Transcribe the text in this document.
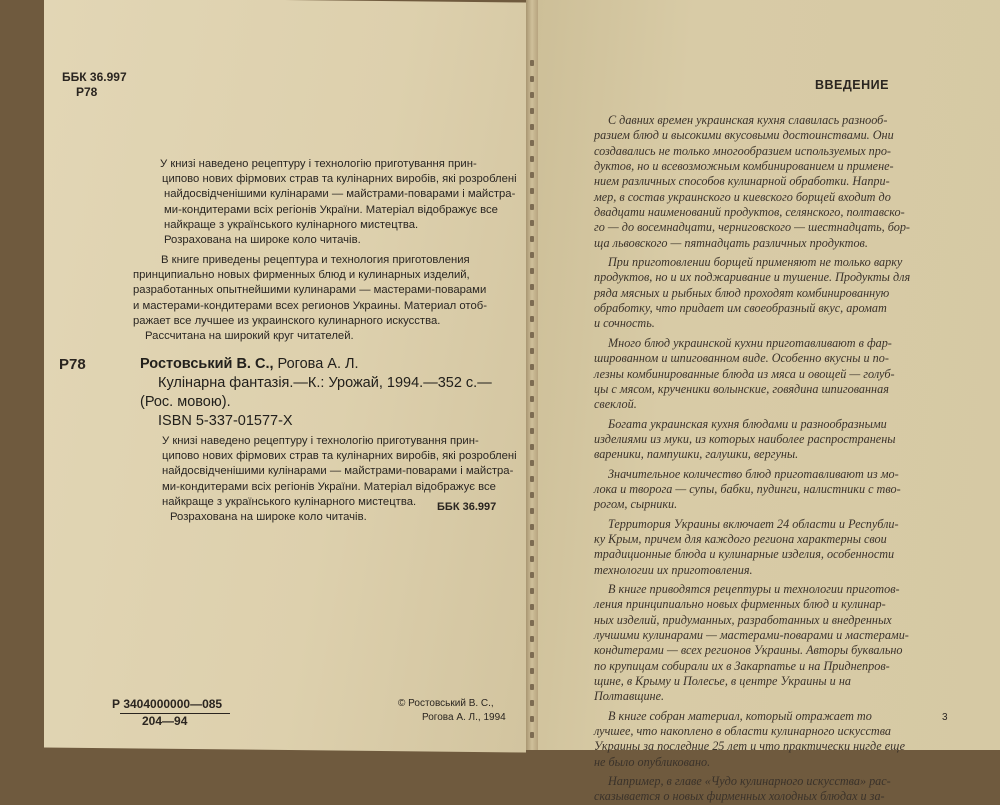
ББК 36.997
Р78
У книзі наведено рецептуру і технологію приготування прин-
ципово нових фірмових страв та кулінарних виробів, які розроблені
найдосвідченішими кулінарами — майстрами-поварами і майстра-
ми-кондитерами всіх регіонів України. Матеріал відображує все
найкраще з українського кулінарного мистецтва.
Розрахована на широке коло читачів.
В книге приведены рецептура и технология приготовления
принципиально новых фирменных блюд и кулинарных изделий,
разработанных опытнейшими кулинарами — мастерами-поварами
и мастерами-кондитерами всех регионов Украины. Материал отоб-
ражает все лучшее из украинского кулинарного искусства.
Рассчитана на широкий круг читателей.
Р78	Ростовський В. С., Рогова А. Л.
Кулінарна фантазія.—К.: Урожай, 1994.—352 с.—
(Рос. мовою).
ISBN 5-337-01577-X
У книзі наведено рецептуру і технологію приготування прин-
ципово нових фірмових страв та кулінарних виробів, які розроблені
найдосвідченішими кулінарами — майстрами-поварами і майстра-
ми-кондитерами всіх регіонів України. Матеріал відображує все
найкраще з українського кулінарного мистецтва.
Розрахована на широке коло читачів.
ББК 36.997
Р 3404000000—085
204—94
© Ростовський В. С.,
Рогова А. Л., 1994
ВВЕДЕНИЕ
С давних времен украинская кухня славилась разнооб-
разием блюд и высокими вкусовыми достоинствами. Они
создавались не только многообразием используемых про-
дуктов, но и всевозможным комбинированием и примене-
нием различных способов кулинарной обработки. Напри-
мер, в состав украинского и киевского борщей входит до
двадцати наименований продуктов, селянского, полтавско-
го — до восемнадцати, черниговского — шестнадцать, бор-
ща львовского — пятнадцать различных продуктов.
При приготовлении борщей применяют не только варку
продуктов, но и их поджаривание и тушение. Продукты для
ряда мясных и рыбных блюд проходят комбинированную
обработку, что придает им своеобразный вкус, аромат
и сочность.
Много блюд украинской кухни приготавливают в фар-
шированном и шпигованном виде. Особенно вкусны и по-
лезны комбинированные блюда из мяса и овощей — голуб-
цы с мясом, крученики волынские, говядина шпигованная
свеклой.
Богата украинская кухня блюдами и разнообразными
изделиями из муки, из которых наиболее распространены
вареники, пампушки, галушки, вергуны.
Значительное количество блюд приготавливают из мо-
лока и творога — супы, бабки, пудинги, налистники с тво-
рогом, сырники.
Территория Украины включает 24 области и Республи-
ку Крым, причем для каждого региона характерны свои
традиционные блюда и кулинарные изделия, особенности
технологии их приготовления.
В книге приводятся рецептуры и технологии приготов-
ления принципиально новых фирменных блюд и кулинар-
ных изделий, придуманных, разработанных и внедренных
лучшими кулинарами — мастерами-поварами и мастерами-
кондитерами — всех регионов Украины. Авторы буквально
по крупицам собирали их в Закарпатье и на Приднепров-
щине, в Крыму и Полесье, в центре Украины и на
Полтавщине.
В книге собран материал, который отражает то
лучшее, что накоплено в области кулинарного искусства
Украины за последние 25 лет и что практически нигде еще
не было опубликовано.
Например, в главе «Чудо кулинарного искусства» рас-
сказывается о новых фирменных холодных блюдах и за-
3
